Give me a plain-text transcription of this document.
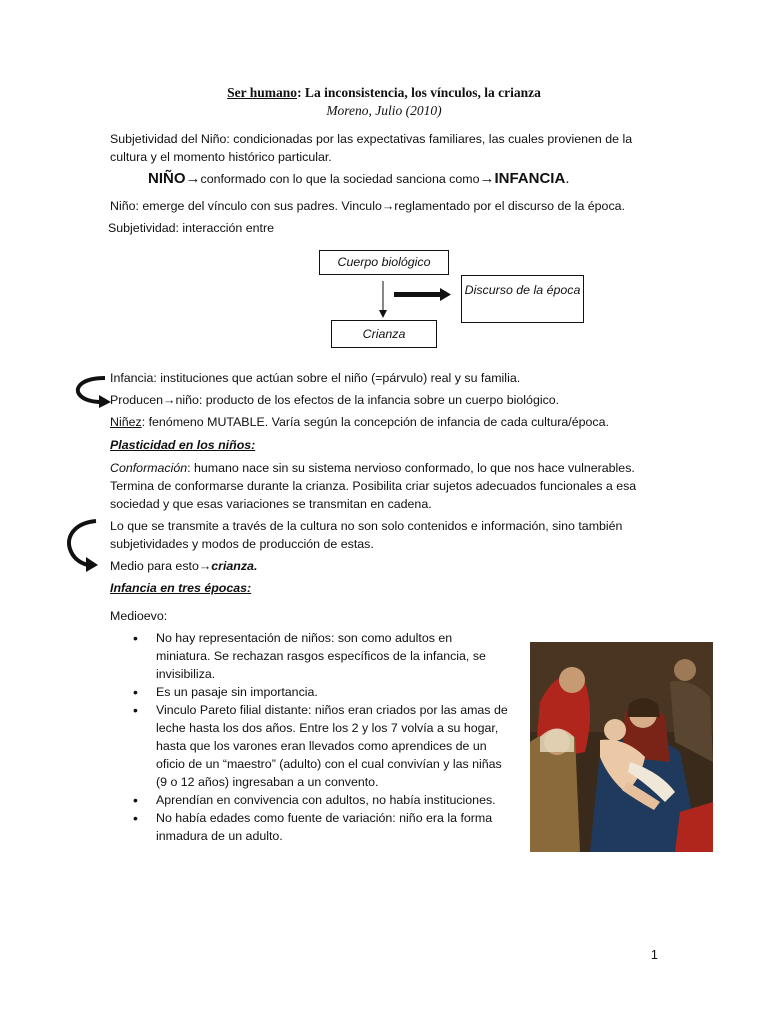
Ser humano: La inconsistencia, los vínculos, la crianza
Moreno, Julio (2010)
Subjetividad del Niño: condicionadas por las expectativas familiares, las cuales provienen de la cultura y el momento histórico particular.
NIÑO→conformado con lo que la sociedad sanciona como→INFANCIA.
Niño: emerge del vínculo con sus padres. Vinculo→reglamentado por el discurso de la época.
Subjetividad: interacción entre
Cuerpo biológico
Discurso de la época
Crianza
Infancia: instituciones que actúan sobre el niño (=párvulo) real y su familia.
Producen→niño: producto de los efectos de la infancia sobre un cuerpo biológico.
Niñez: fenómeno MUTABLE. Varía según la concepción de infancia de cada cultura/época.
Plasticidad en los niños:
Conformación: humano nace sin su sistema nervioso conformado, lo que nos hace vulnerables. Termina de conformarse durante la crianza. Posibilita criar sujetos adecuados funcionales a esa sociedad y que esas variaciones se transmitan en cadena.
Lo que se transmite a través de la cultura no son solo contenidos e información, sino también subjetividades y modos de producción de estas.
Medio para esto→crianza.
Infancia en tres épocas:
Medioevo:
• No hay representación de niños: son como adultos en miniatura. Se rechazan rasgos específicos de la infancia, se invisibiliza.
• Es un pasaje sin importancia.
• Vinculo Pareto filial distante: niños eran criados por las amas de leche hasta los dos años. Entre los 2 y los 7 volvía a su hogar, hasta que los varones eran llevados como aprendices de un oficio de un “maestro” (adulto) con el cual convivían y las niñas (9 o 12 años) ingresaban a un convento.
• Aprendían en convivencia con adultos, no había instituciones.
• No había edades como fuente de variación: niño era la forma inmadura de un adulto.
1
